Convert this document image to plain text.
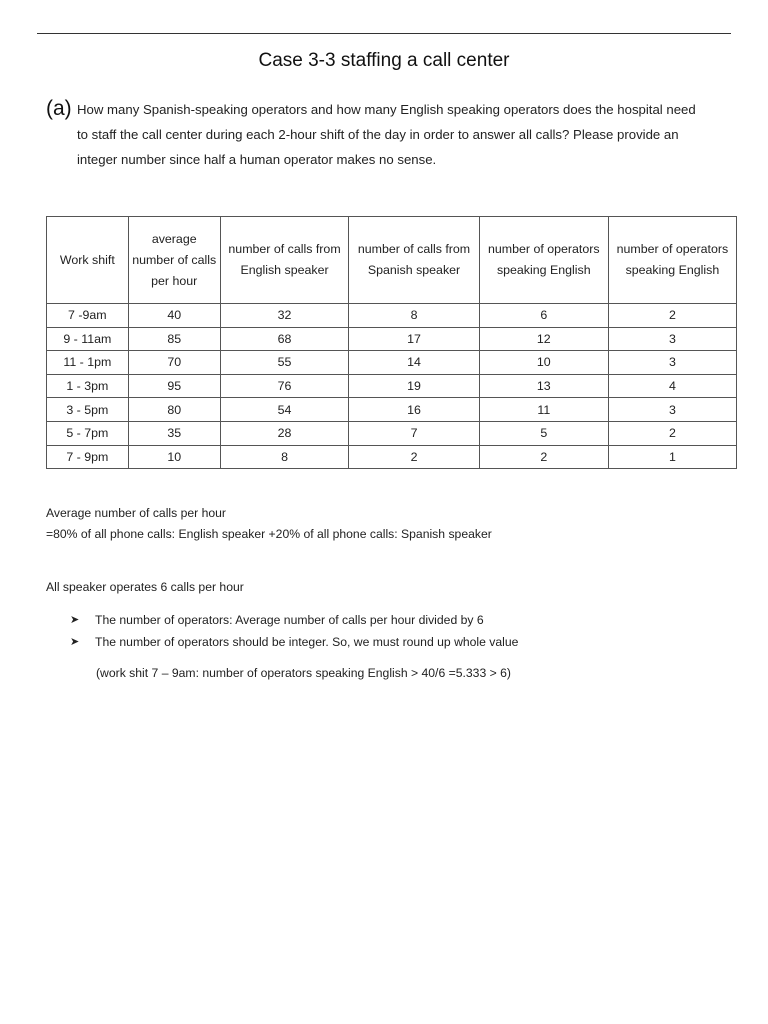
Case 3-3 staffing a call center
(a) How many Spanish-speaking operators and how many English speaking operators does the hospital need to staff the call center during each 2-hour shift of the day in order to answer all calls? Please provide an integer number since half a human operator makes no sense.
Work shift	average number of calls per hour	number of calls from English speaker	number of calls from Spanish speaker	number of operators speaking English	number of operators speaking English
7 -9am	40	32	8	6	2
9 - 11am	85	68	17	12	3
11 - 1pm	70	55	14	10	3
1 - 3pm	95	76	19	13	4
3 - 5pm	80	54	16	11	3
5 - 7pm	35	28	7	5	2
7 - 9pm	10	8	2	2	1
Average number of calls per hour
=80% of all phone calls: English speaker +20% of all phone calls: Spanish speaker
All speaker operates 6 calls per hour
➤ The number of operators: Average number of calls per hour divided by 6
➤ The number of operators should be integer. So, we must round up whole value
(work shit 7 – 9am: number of operators speaking English > 40/6 =5.333 > 6)
